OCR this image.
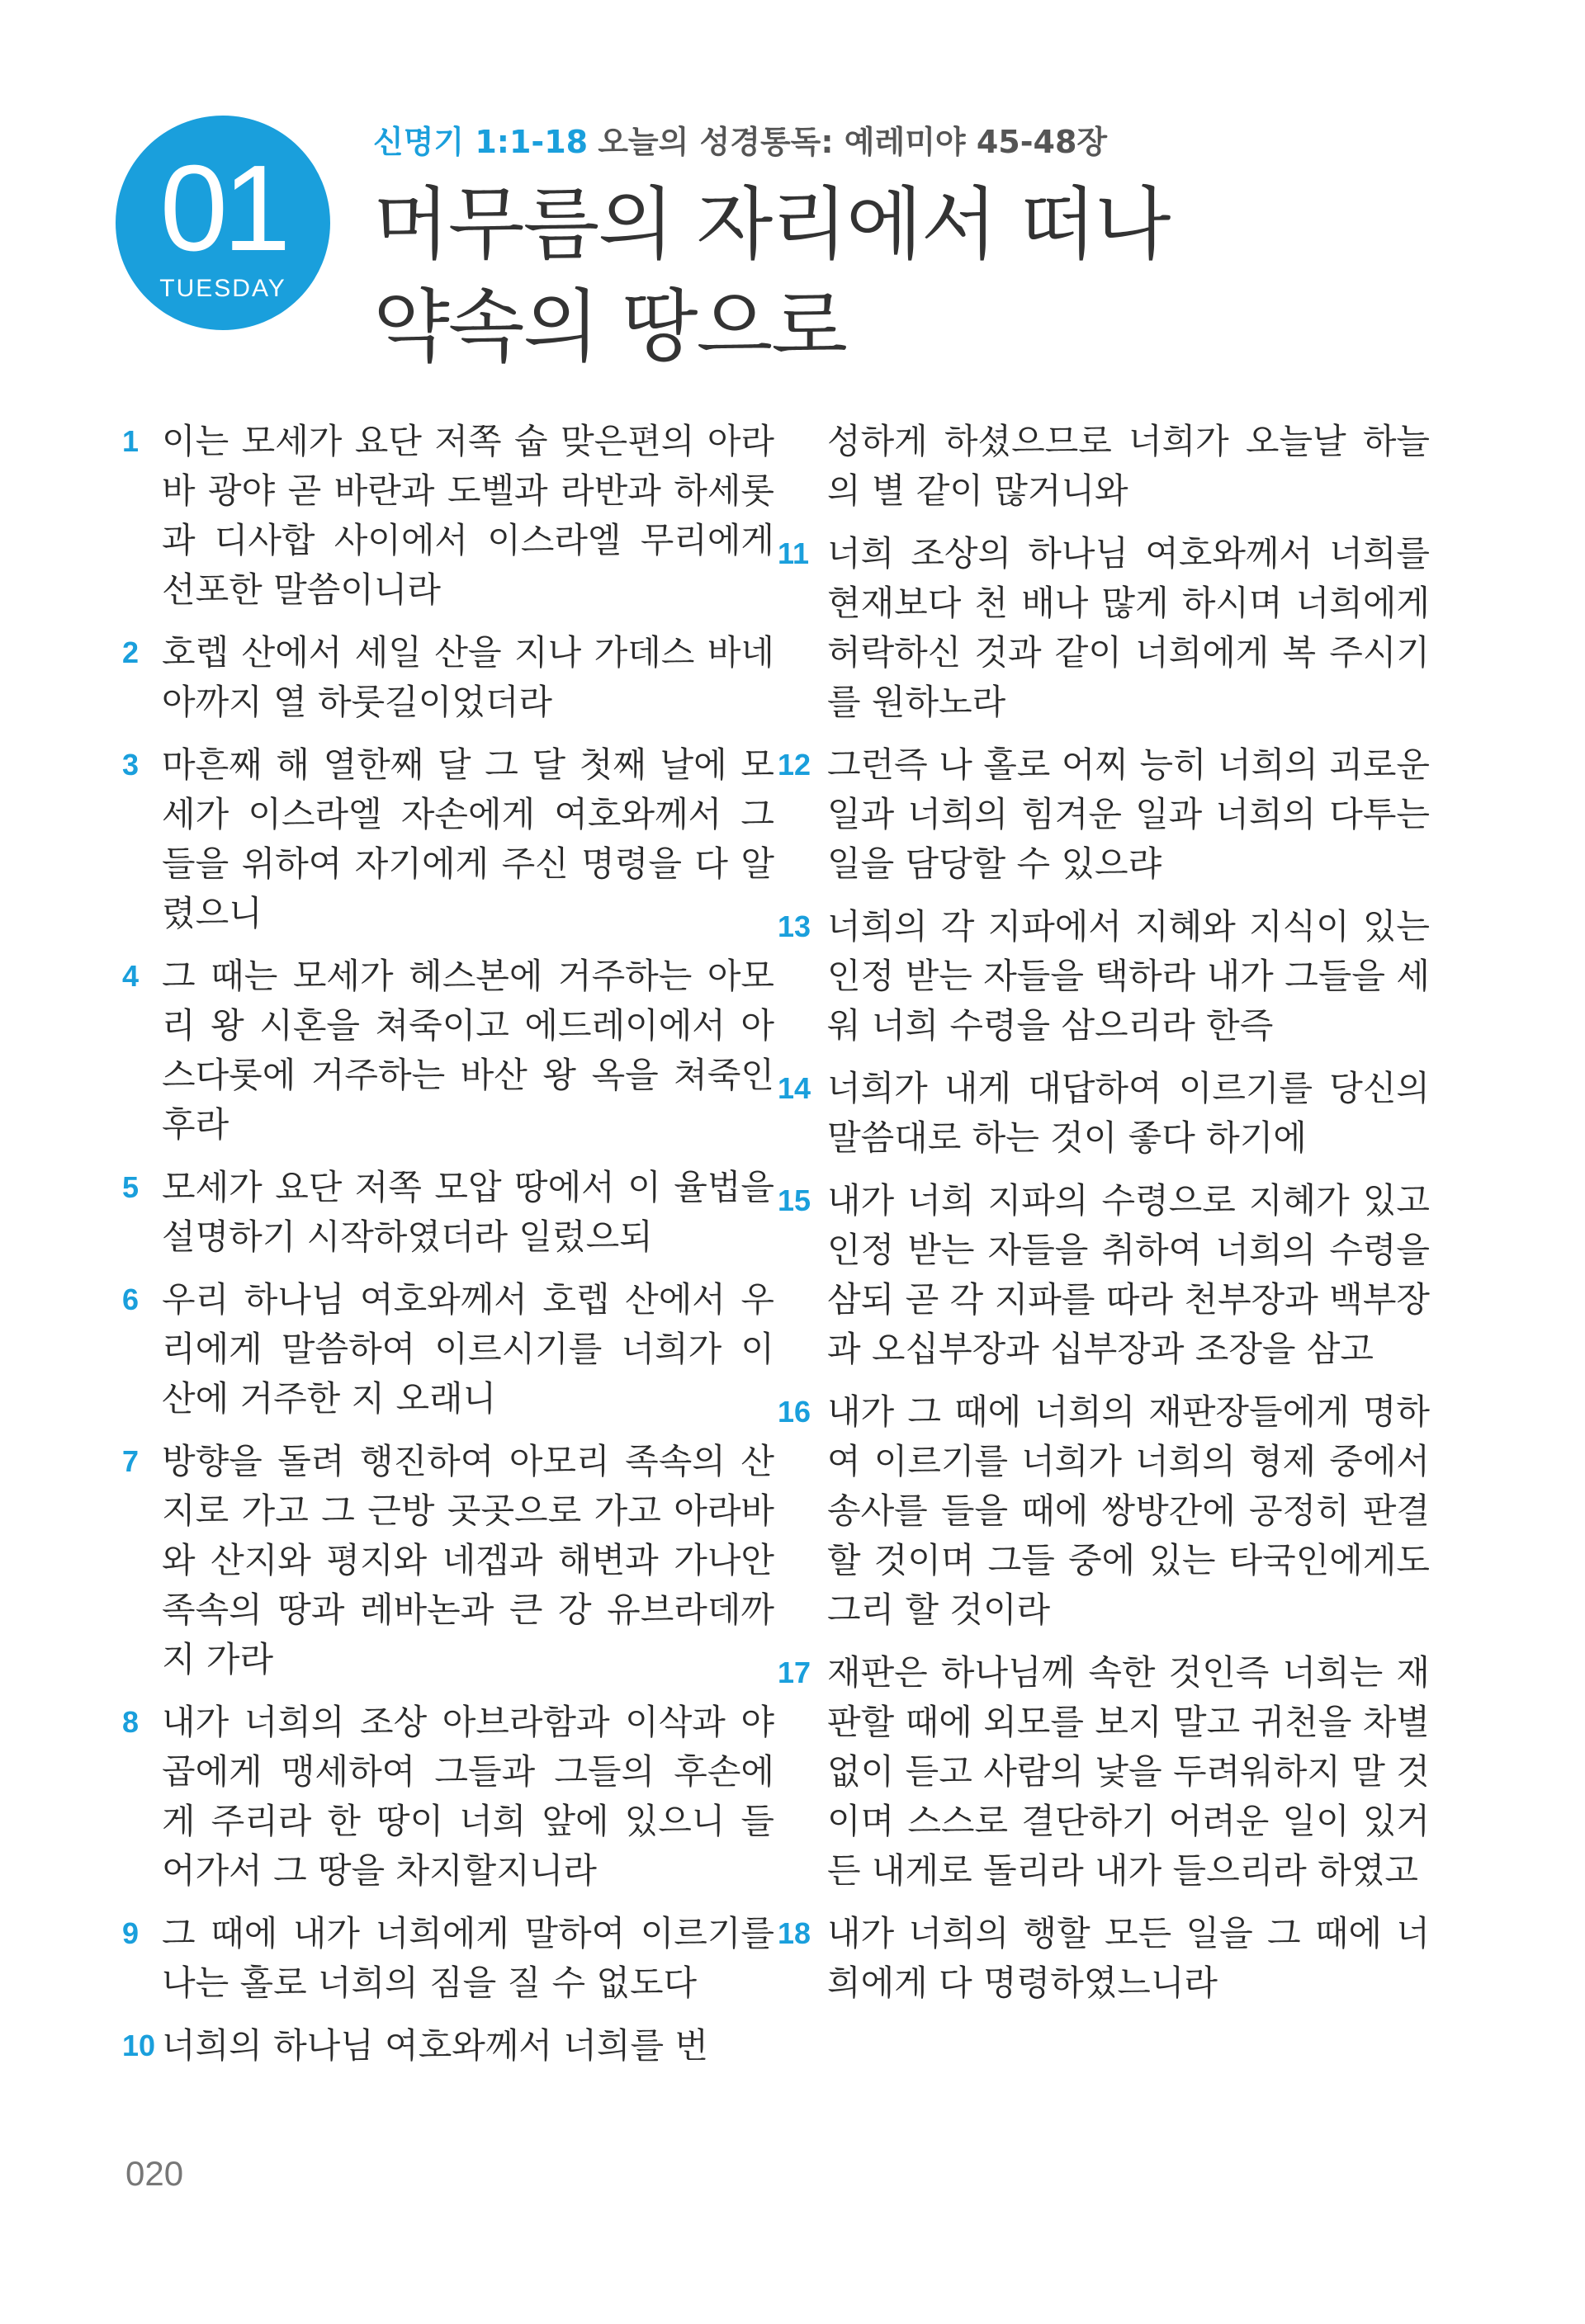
01
TUESDAY
신명기 1:1-18 오늘의 성경통독: 예레미야 45-48장
머무름의 자리에서 떠나
약속의 땅으로
1 이는 모세가 요단 저쪽 숩 맞은편의 아라바 광야 곧 바란과 도벨과 라반과 하세롯과 디사합 사이에서 이스라엘 무리에게 선포한 말씀이니라
2 호렙 산에서 세일 산을 지나 가데스 바네아까지 열 하룻길이었더라
3 마흔째 해 열한째 달 그 달 첫째 날에 모세가 이스라엘 자손에게 여호와께서 그들을 위하여 자기에게 주신 명령을 다 알렸으니
4 그 때는 모세가 헤스본에 거주하는 아모리 왕 시혼을 쳐죽이고 에드레이에서 아스다롯에 거주하는 바산 왕 옥을 쳐죽인 후라
5 모세가 요단 저쪽 모압 땅에서 이 율법을 설명하기 시작하였더라 일렀으되
6 우리 하나님 여호와께서 호렙 산에서 우리에게 말씀하여 이르시기를 너희가 이 산에 거주한 지 오래니
7 방향을 돌려 행진하여 아모리 족속의 산지로 가고 그 근방 곳곳으로 가고 아라바와 산지와 평지와 네겝과 해변과 가나안 족속의 땅과 레바논과 큰 강 유브라데까지 가라
8 내가 너희의 조상 아브라함과 이삭과 야곱에게 맹세하여 그들과 그들의 후손에게 주리라 한 땅이 너희 앞에 있으니 들어가서 그 땅을 차지할지니라
9 그 때에 내가 너희에게 말하여 이르기를 나는 홀로 너희의 짐을 질 수 없도다
10 너희의 하나님 여호와께서 너희를 번
성하게 하셨으므로 너희가 오늘날 하늘의 별 같이 많거니와
11 너희 조상의 하나님 여호와께서 너희를 현재보다 천 배나 많게 하시며 너희에게 허락하신 것과 같이 너희에게 복 주시기를 원하노라
12 그런즉 나 홀로 어찌 능히 너희의 괴로운 일과 너희의 힘겨운 일과 너희의 다투는 일을 담당할 수 있으랴
13 너희의 각 지파에서 지혜와 지식이 있는 인정 받는 자들을 택하라 내가 그들을 세워 너희 수령을 삼으리라 한즉
14 너희가 내게 대답하여 이르기를 당신의 말씀대로 하는 것이 좋다 하기에
15 내가 너희 지파의 수령으로 지혜가 있고 인정 받는 자들을 취하여 너희의 수령을 삼되 곧 각 지파를 따라 천부장과 백부장과 오십부장과 십부장과 조장을 삼고
16 내가 그 때에 너희의 재판장들에게 명하여 이르기를 너희가 너희의 형제 중에서 송사를 들을 때에 쌍방간에 공정히 판결할 것이며 그들 중에 있는 타국인에게도 그리 할 것이라
17 재판은 하나님께 속한 것인즉 너희는 재판할 때에 외모를 보지 말고 귀천을 차별 없이 듣고 사람의 낯을 두려워하지 말 것이며 스스로 결단하기 어려운 일이 있거든 내게로 돌리라 내가 들으리라 하였고
18 내가 너희의 행할 모든 일을 그 때에 너희에게 다 명령하였느니라
020
